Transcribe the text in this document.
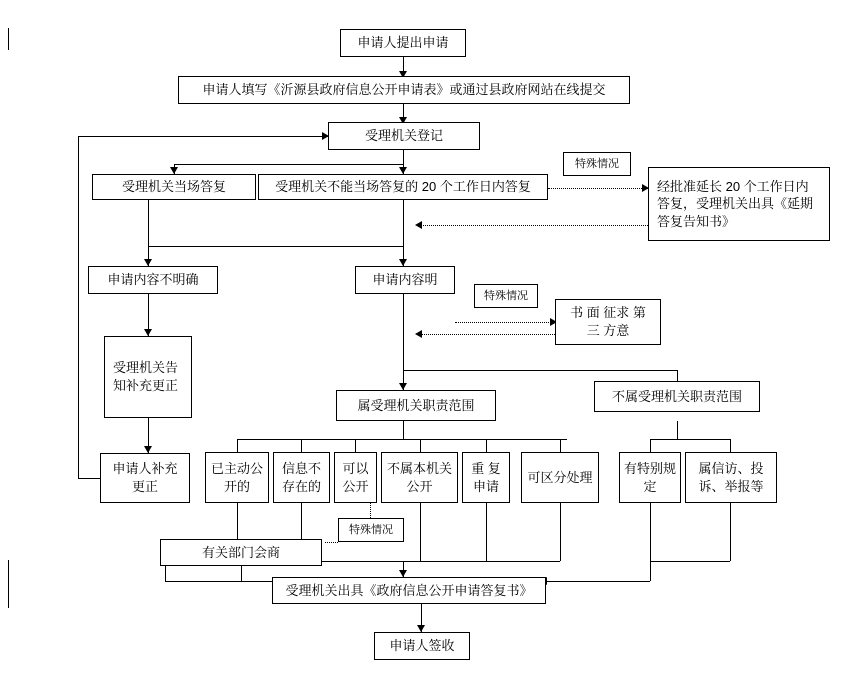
申请人提出申请
申请人填写《沂源县政府信息公开申请表》或通过县政府网站在线提交
受理机关登记
受理机关当场答复	受理机关不能当场答复的 20 个工作日内答复
特殊情况
经批准延长 20 个工作日内答复，受理机关出具《延期答复告知书》
申请内容不明确	申请内容明
特殊情况
书 面 征求 第 三 方意
受理机关告知补充更正
属受理机关职责范围
不属受理机关职责范围
申请人补充更正
已主动公开的
信息不存在的
可以公开
不属本机关公开
重 复申请
可区分处理
有特别规定
属信访、投诉、举报等
特殊情况
有关部门会商
受理机关出具《政府信息公开申请答复书》
申请人签收
